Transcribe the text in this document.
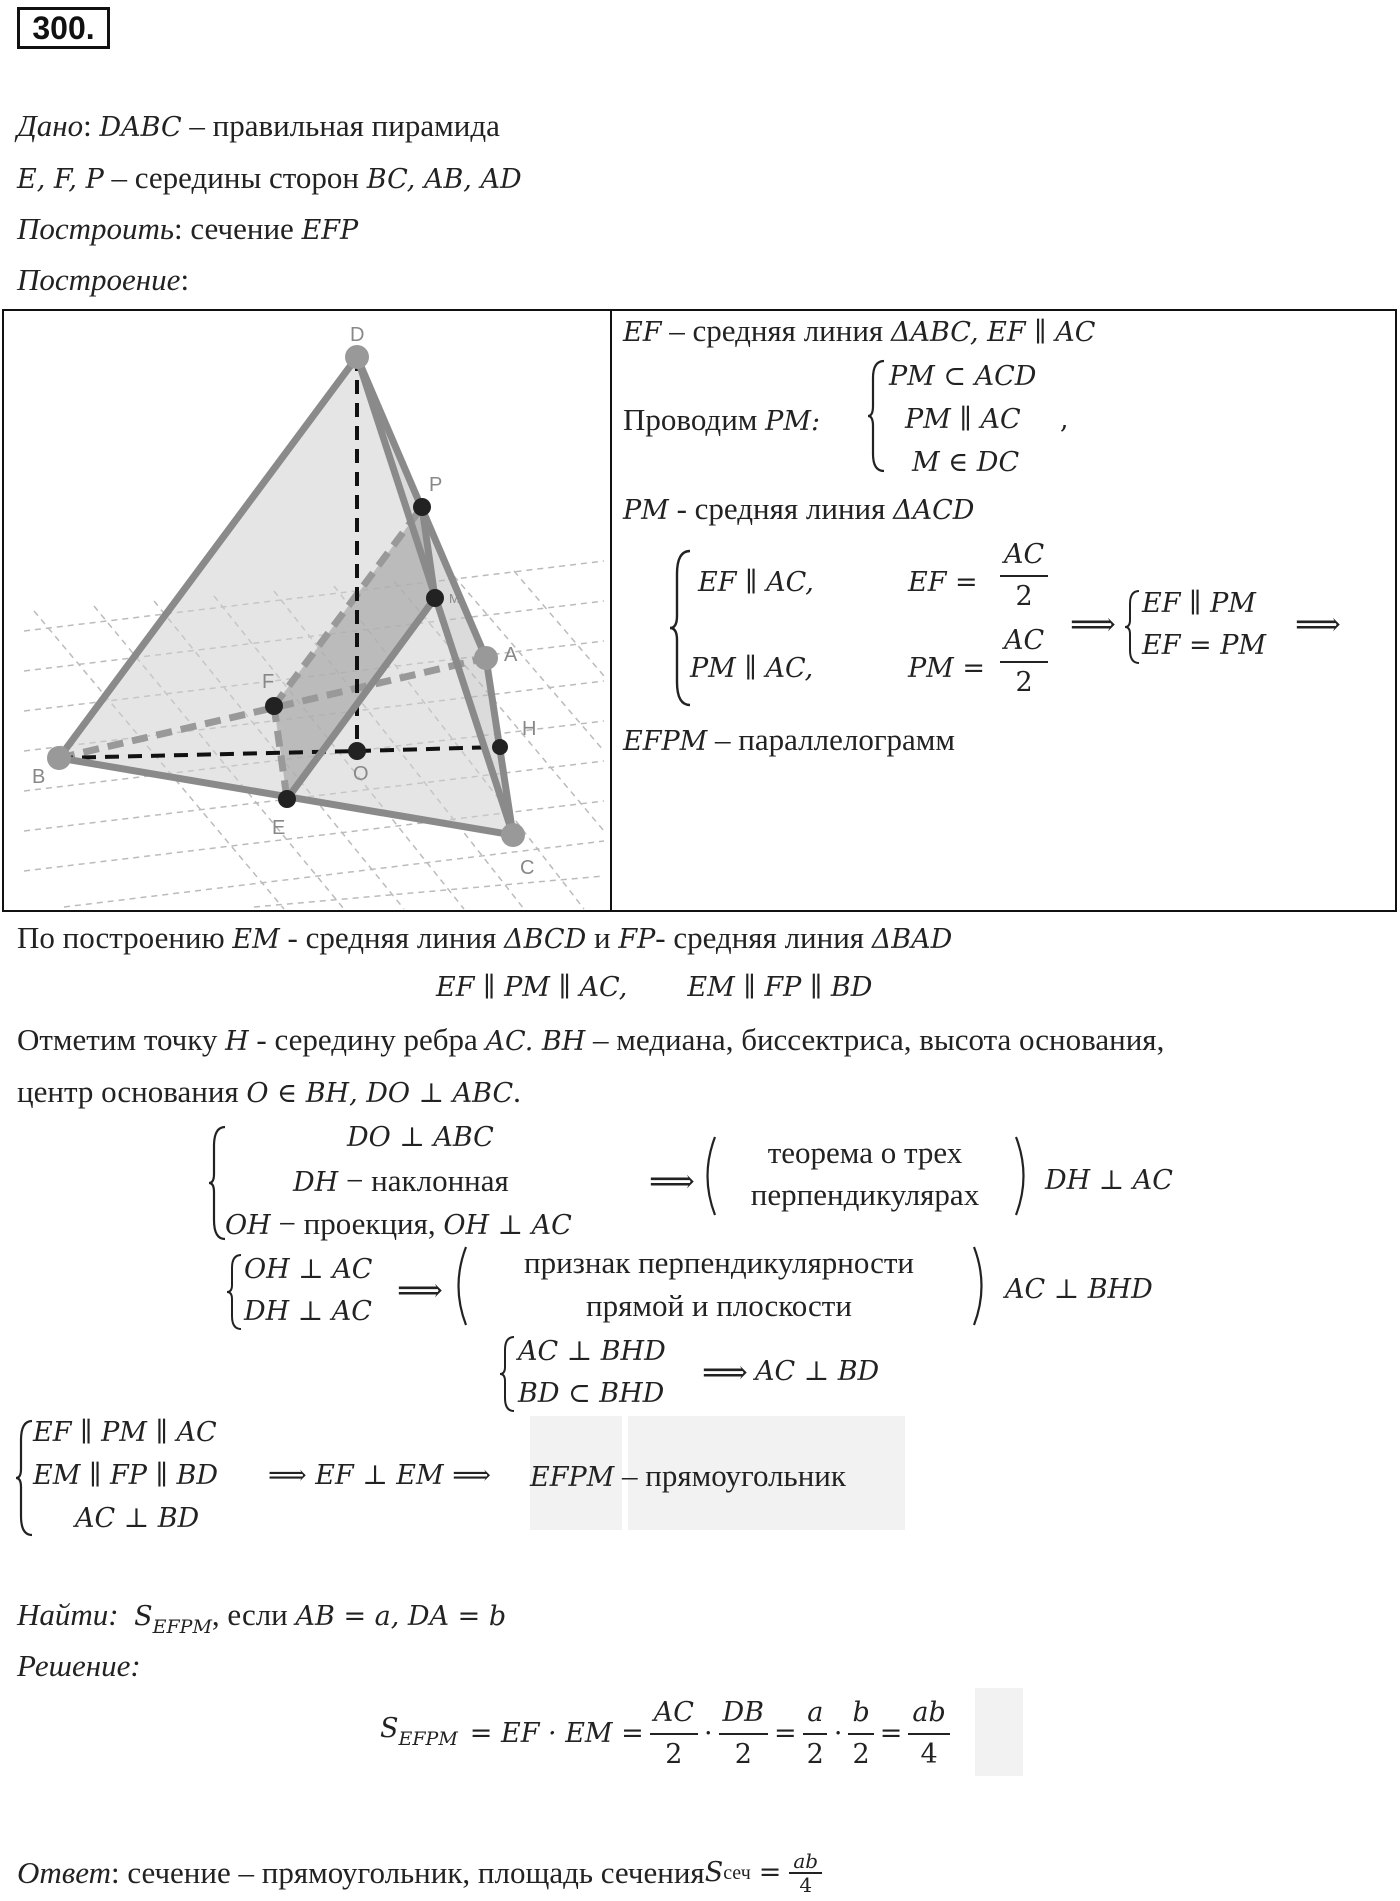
300.
Дано: DABC – правильная пирамида
E, F, P – середины сторон BC, AB, AD
Построить: сечение EFP
Построение:
D
P
M
A
F
H
B	O
E
C
EF – средняя линия ΔABC, EF ∥ AC
Проводим PM:
PM ⊂ ACD
PM ∥ AC
M ∈ DC
,
PM - средняя линия ΔACD
EF ∥ AC,	EF = $\frac{AC}{2}$
PM ∥ AC,	PM = $\frac{AC}{2}$ ⟹
EF ∥ PM
EF = PM
⟹
EFPM – параллелограмм
По построению EM - средняя линия ΔBCD и FP- средняя линия ΔBAD
EF ∥ PM ∥ AC,       EM ∥ FP ∥ BD
Отметим точку H - середину ребра AC. BH – медиана, биссектриса, высота основания,
центр основания O ∈ BH, DO ⊥ ABC.
DO ⊥ ABC
DH − наклонная
OH − проекция, OH ⊥ AC
⟹
теорема о трех
перпендикулярах	DH ⊥ AC
OH ⊥ AC
DH ⊥ AC
⟹
признак перпендикулярности
прямой и плоскости	AC ⊥ BHD
AC ⊥ BHD
BD ⊂ BHD
⟹ AC ⊥ BD
EF ∥ PM ∥ AC
EM ∥ FP ∥ BD
AC ⊥ BD
⟹ EF ⊥ EM ⟹ EFPM – прямоугольник
Найти: $S_{EFPM}$, если AB = a, DA = b
Решение:
$S_{EFPM}$ = EF · EM = $\frac{AC}{2} \cdot \frac{DB}{2} = \frac{a}{2} \cdot \frac{b}{2} = \frac{ab}{4}$
Ответ : сечение – прямоугольник, площадь сечения S сеч = $\frac{ab}{4}$
